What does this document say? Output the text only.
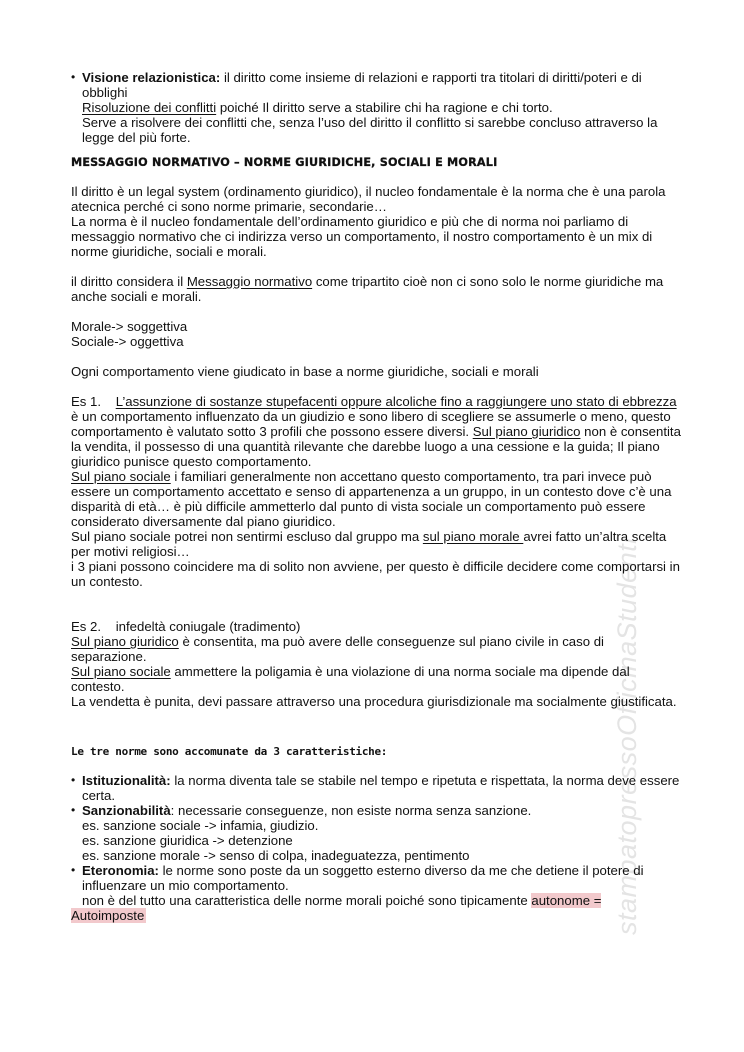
stampatopressoOfficinaStudenti
• Visione relazionistica: il diritto come insieme di relazioni e rapporti tra titolari di diritti/poteri e di obblighi

Risoluzione dei conflitti poiché Il diritto serve a stabilire chi ha ragione e chi torto.

Serve a risolvere dei conflitti che, senza l’uso del diritto il conflitto si sarebbe concluso attraverso la legge del più forte.

MESSAGGIO NORMATIVO – NORME GIURIDICHE, SOCIALI E MORALI

Il diritto è un legal system (ordinamento giuridico), il nucleo fondamentale è la norma che è una parola atecnica perché ci sono norme primarie, secondarie…

La norma è il nucleo fondamentale dell’ordinamento giuridico e più che di norma noi parliamo di messaggio normativo che ci indirizza verso un comportamento, il nostro comportamento è un mix di norme giuridiche, sociali e morali.

il diritto considera il Messaggio normativo come tripartito cioè non ci sono solo le norme giuridiche ma anche sociali e morali.

Morale-> soggettiva

Sociale-> oggettiva

Ogni comportamento viene giudicato in base a norme giuridiche, sociali e morali

Es 1. L’assunzione di sostanze stupefacenti oppure alcoliche fino a raggiungere uno stato di ebbrezza è un comportamento influenzato da un giudizio e sono libero di scegliere se assumerle o meno, questo comportamento è valutato sotto 3 profili che possono essere diversi. Sul piano giuridico non è consentita la vendita, il possesso di una quantità rilevante che darebbe luogo a una cessione e la guida; Il piano giuridico punisce questo comportamento.

Sul piano sociale i familiari generalmente non accettano questo comportamento, tra pari invece può essere un comportamento accettato e senso di appartenenza a un gruppo, in un contesto dove c’è una disparità di età… è più difficile ammetterlo dal punto di vista sociale un comportamento può essere considerato diversamente dal piano giuridico.

Sul piano sociale potrei non sentirmi escluso dal gruppo ma sul piano morale avrei fatto un’altra scelta per motivi religiosi…

i 3 piani possono coincidere ma di solito non avviene, per questo è difficile decidere come comportarsi in un contesto.

Es 2. infedeltà coniugale (tradimento)

Sul piano giuridico è consentita, ma può avere delle conseguenze sul piano civile in caso di separazione.

Sul piano sociale ammettere la poligamia è una violazione di una norma sociale ma dipende dal contesto.

La vendetta è punita, devi passare attraverso una procedura giurisdizionale ma socialmente giustificata.

Le tre norme sono accomunate da 3 caratteristiche:
• Istituzionalità: la norma diventa tale se stabile nel tempo e ripetuta e rispettata, la norma deve essere certa.

• Sanzionabilità: necessarie conseguenze, non esiste norma senza sanzione.

es. sanzione sociale -> infamia, giudizio.

es. sanzione giuridica -> detenzione

es. sanzione morale -> senso di colpa, inadeguatezza, pentimento

• Eteronomia: le norme sono poste da un soggetto esterno diverso da me che detiene il potere di influenzare un mio comportamento.

non è del tutto una caratteristica delle norme morali poiché sono tipicamente autonome =

Autoimposte
